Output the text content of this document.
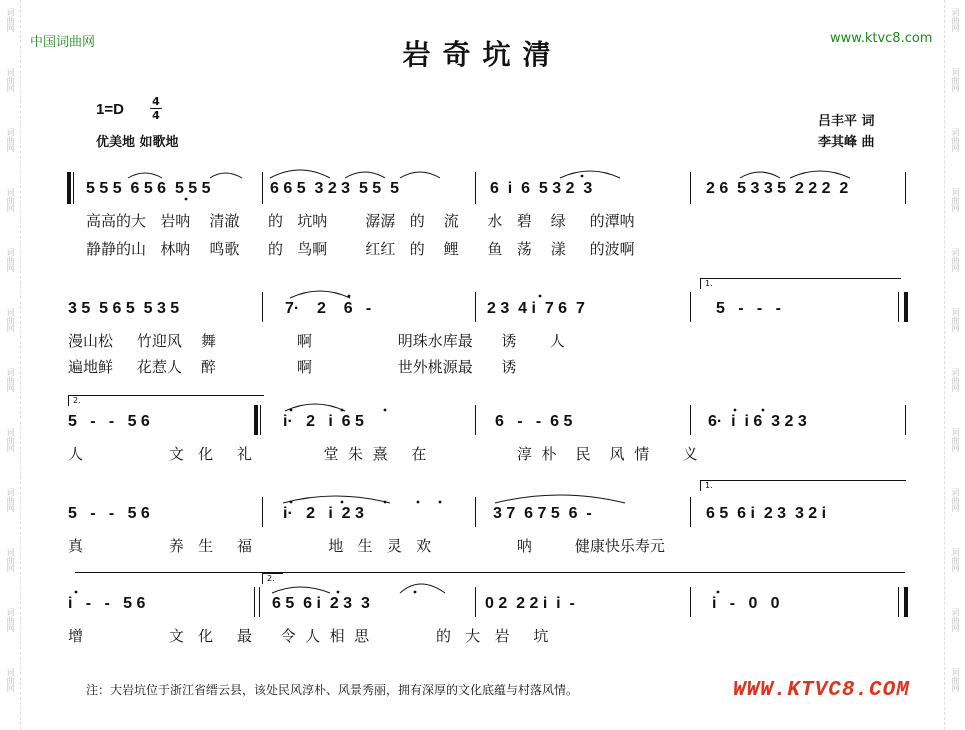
词曲网
词曲网
词曲网
词曲网
词曲网
词曲网
词曲网
词曲网
词曲网
词曲网
词曲网
词曲网
词曲网
词曲网
词曲网
词曲网
词曲网
词曲网
词曲网
词曲网
词曲网
词曲网
词曲网
词曲网
中国词曲网	www.ktvc8.com
岩奇坑清
1=D	4
4
优美地 如歌地
吕丰平 词
李其峰 曲
5 5 5  6 5 6  5 5 5	6 6 5  3 2 3  5 5  5	6  i  6  5 3 2  3	2 6  5 3 3 5  2 2 2  2
高高的大   岩呐    清澈      的   坑呐        潺潺   的    流      水   碧    绿     的潭呐
静静的山   林呐    鸣歌      的   鸟啊        红红   的    鲤      鱼   荡    漾     的波啊
3 5  5 6 5  5 3 5	7·    2    6   -	2 3  4 i  7 6  7
1.
5   -   -   -
漫山松     竹迎风    舞                 啊                  明珠水库最      诱       人
遍地鲜     花惹人    醉                 啊                  世外桃源最      诱
2.
5   -   -   5 6	i·   2   i  6 5	6   -   -  6 5	6·  i  i 6  3 2 3
人                  文   化     礼               堂  朱  熹     在                   淳  朴    民    风  情       义
5   -   -   5 6	i·   2   i  2 3	3 7  6 7 5  6  -
1.
6 5  6 i  2 3  3 2 i
真                  养   生     福                地   生   灵   欢                  呐         健康快乐寿元
2.
i   -   -   5 6	6 5  6 i  2 3  3	0 2  2 2 i  i  -	i   -   0   0
增                  文   化     最      令  人  相  思              的   大   岩     坑
注：大岩坑位于浙江省缙云县，该处民风淳朴、风景秀丽，拥有深厚的文化底蕴与村落风情。	WWW.KTVC8.COM
